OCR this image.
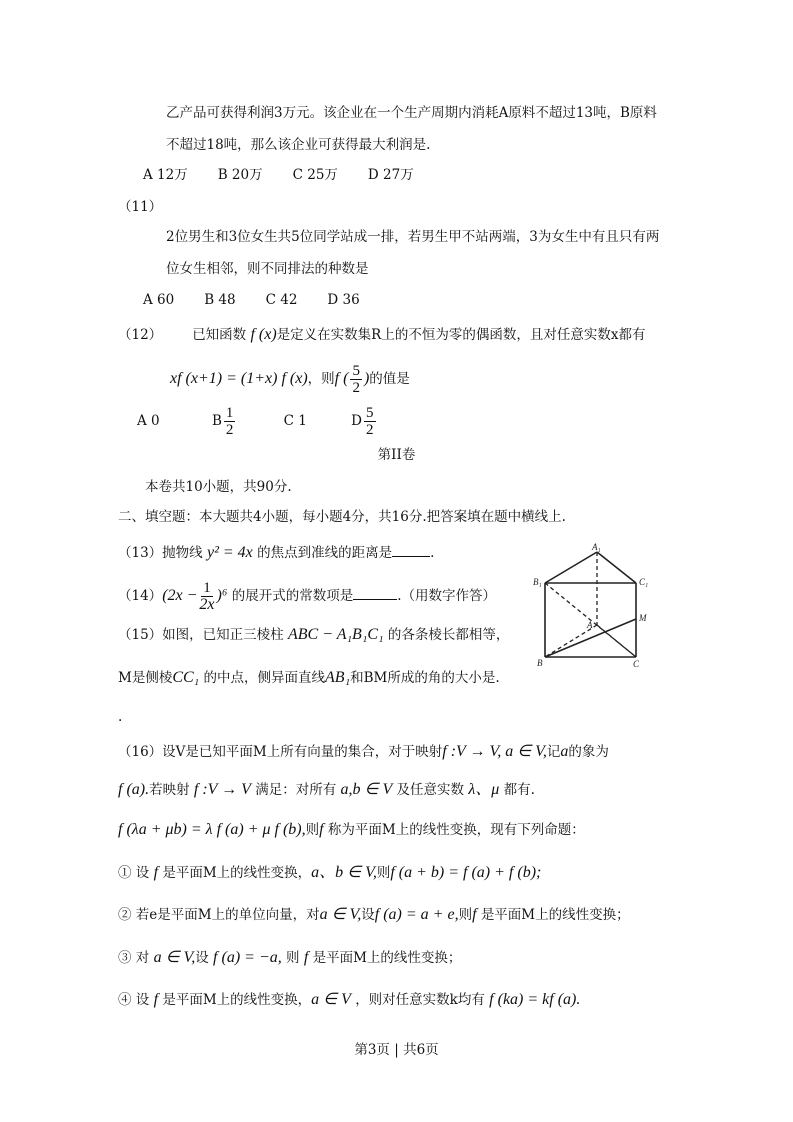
乙产品可获得利润3万元。该企业在一个生产周期内消耗A原料不超过13吨，B原料
不超过18吨，那么该企业可获得最大利润是.
A 12万 B 20万 C 25万 D 27万
（11）
2位男生和3位女生共5位同学站成一排，若男生甲不站两端，3为女生中有且只有两
位女生相邻，则不同排法的种数是
A 60 B 48 C 42 D 36
（12） 已知函数 f (x)是定义在实数集R上的不恒为零的偶函数，且对任意实数x都有
xf (x+1) = (1+x) f (x)，则f ( $\frac{5}{2}$ )的值是
A 0	B $\frac{1}{2}$	C 1	D $\frac{5}{2}$
第II卷
本卷共10小题，共90分.
二、填空题：本大题共4小题，每小题4分，共16分.把答案填在题中横线上.
（13）抛物线 y² = 4x 的焦点到准线的距离是	.
$(14)(2x - \frac{1}{2x} )^6$ 的展开式的常数项是	.（用数字作答）
（15）如图，已知正三棱柱 ABC − A₁B₁C₁ 的各条棱长都相等，
M是侧棱CC₁ 的中点，侧异面直线AB₁和BM所成的角的大小是.
.
A₁
B₁	C₁
M
A
B	C
（16）设V是已知平面M上所有向量的集合，对于映射f :V → V, a ∈ V,记a的象为
f (a).若映射 f :V → V 满足：对所有 a,b ∈ V 及任意实数 λ、μ 都有.
f (λa + μb) = λ f (a) + μ f (b),则f 称为平面M上的线性变换，现有下列命题：
① 设 f 是平面M上的线性变换，a、b ∈ V,则f (a + b) = f (a) + f (b);
② 若e是平面M上的单位向量，对a ∈ V,设f (a) = a + e,则f 是平面M上的线性变换；
③ 对 a ∈ V,设 f (a) = −a, 则 f 是平面M上的线性变换；
④ 设 f 是平面M上的线性变换，a ∈ V ，则对任意实数k均有 f (ka) = kf (a).
第3页 | 共6页
